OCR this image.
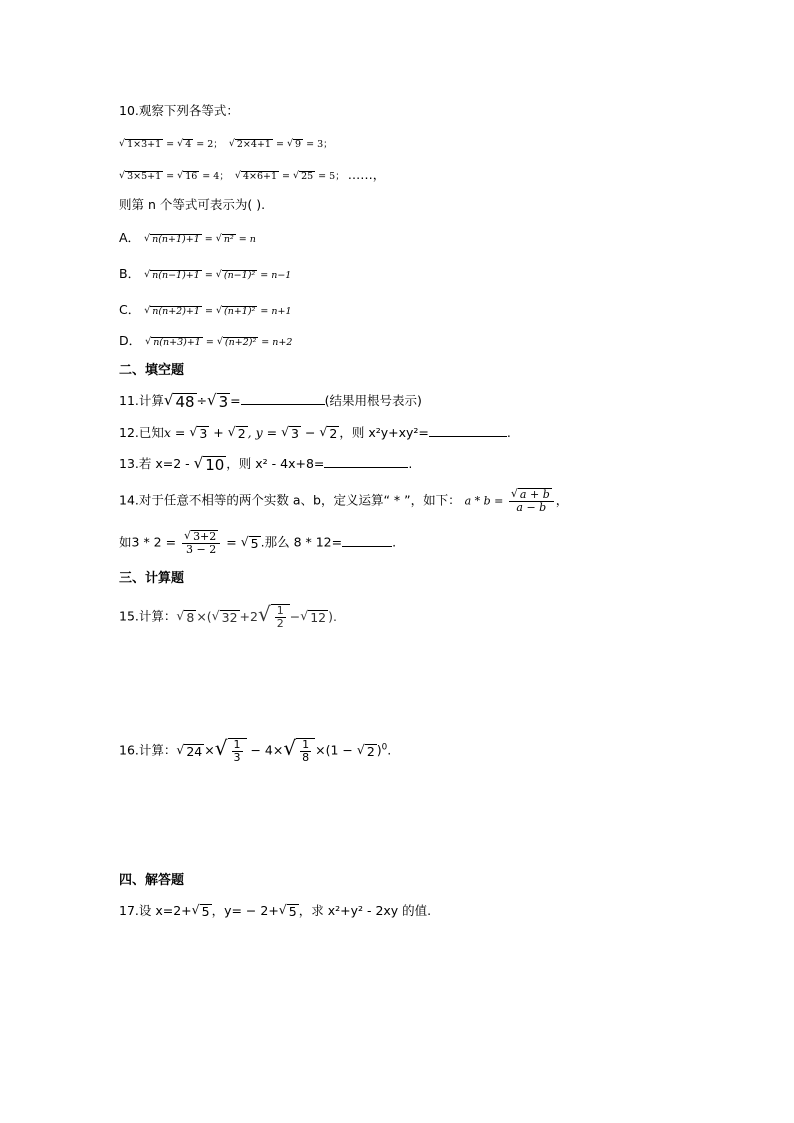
10.观察下列各等式：
√ 1×3+1 = √ 4 = 2； √ 2×4+1 = √ 9 = 3；
√ 3×5+1 = √ 16 = 4； √ 4×6+1 = √ 25 = 5； ……，
则第 n 个等式可表示为( ).
A． √ n(n+1)+1 = √ n² = n
B． √ n(n−1)+1 = √ (n−1)² = n−1
C． √ n(n+2)+1 = √ (n+1)² = n+1
D． √ n(n+3)+1 = √ (n+2)² = n+2
二、填空题
11.计算 √ 48 ÷ √ 3 =	(结果用根号表示)
12.已知x = √ 3 + √ 2 , y = √ 3 − √ 2 ，则 x²y+xy²=	.
13.若 x=2 - √ 10 ，则 x² - 4x+8=	.
14.对于任意不相等的两个实数 a、b，定义运算“ * ”，如下： $a * b = \frac{√ a + b}{a - b}$ ，
如$3 * 2 = \frac{√ 3+2}{3 - 2}$ = √ 5 .那么 8 * 12=	.
三、计算题
15.计算： √ 8 ×( √ 32 +2 √ $\frac{1}{2}$ − √ 12 ).
16.计算： √ 24 × √ $\frac{1}{3} - 4\times$ √ $\frac{1}{8} \times(1$ − √ 2 )$^0$.
四、解答题
17.设 x=2+ √ 5 ，y= − 2+ √ 5 ，求 x²+y² - 2xy 的值.
